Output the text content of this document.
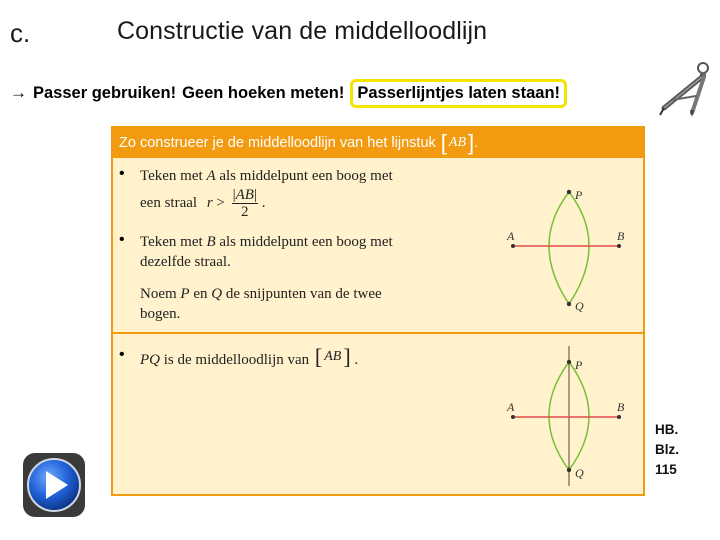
c.	Constructie van de middelloodlijn
→ Passer gebruiken! Geen hoeken meten! Passerlijntjes laten staan!
Zo construeer je de middelloodlijn van het lijnstuk [ AB ] .
• Teken met A als middelpunt een boog met
een straal $r > \frac{|AB|}{2}$ .
• Teken met B als middelpunt een boog met
dezelfde straal.
Noem P en Q de snijpunten van de twee
bogen.
• PQ is de middelloodlijn van [ AB ] .
P
Q
A	B
P
Q
A	B
HB.
Blz.
115
